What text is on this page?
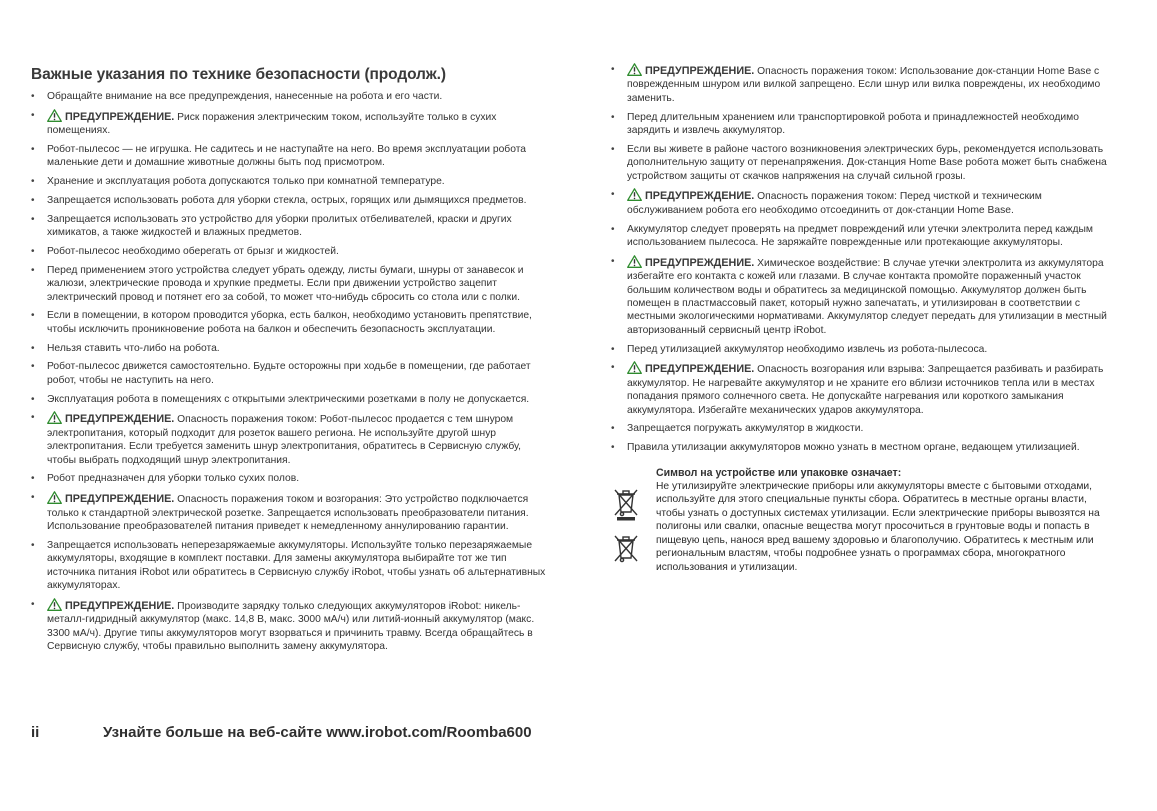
Важные указания по технике безопасности (продолж.)
• Обращайте внимание на все предупреждения, нанесенные на робота и его части.
•	ПРЕДУПРЕЖДЕНИЕ. Риск поражения электрическим током, используйте только в сухих помещениях.
• Робот-пылесос — не игрушка. Не садитесь и не наступайте на него. Во время эксплуатации робота маленькие дети и домашние животные должны быть под присмотром.
• Хранение и эксплуатация робота допускаются только при комнатной температуре.
• Запрещается использовать робота для уборки стекла, острых, горящих или дымящихся предметов.
• Запрещается использовать это устройство для уборки пролитых отбеливателей, краски и других химикатов, а также жидкостей и влажных предметов.
• Робот-пылесос необходимо оберегать от брызг и жидкостей.
• Перед применением этого устройства следует убрать одежду, листы бумаги, шнуры от занавесок и жалюзи, электрические провода и хрупкие предметы. Если при движении устройство зацепит электрический провод и потянет его за собой, то может что-нибудь сбросить со стола или с полки.
• Если в помещении, в котором проводится уборка, есть балкон, необходимо установить препятствие, чтобы исключить проникновение робота на балкон и обеспечить безопасность эксплуатации.
• Нельзя ставить что-либо на робота.
• Робот-пылесос движется самостоятельно. Будьте осторожны при ходьбе в помещении, где работает робот, чтобы не наступить на него.
• Эксплуатация робота в помещениях с открытыми электрическими розетками в полу не допускается.
•	ПРЕДУПРЕЖДЕНИЕ. Опасность поражения током: Робот-пылесос продается с тем шнуром электропитания, который подходит для розеток вашего региона. Не используйте другой шнур электропитания. Если требуется заменить шнур электропитания, обратитесь в Сервисную службу, чтобы выбрать подходящий шнур электропитания.
• Робот предназначен для уборки только сухих полов.
•	ПРЕДУПРЕЖДЕНИЕ. Опасность поражения током и возгорания: Это устройство подключается только к стандартной электрической розетке. Запрещается использовать преобразователи питания. Использование преобразователей питания приведет к немедленному аннулированию гарантии.
• Запрещается использовать неперезаряжаемые аккумуляторы. Используйте только перезаряжаемые аккумуляторы, входящие в комплект поставки. Для замены аккумулятора выбирайте тот же тип источника питания iRobot или обратитесь в Сервисную службу iRobot, чтобы узнать об альтернативных аккумуляторах.
•	ПРЕДУПРЕЖДЕНИЕ. Производите зарядку только следующих аккумуляторов iRobot: никель-металл-гидридный аккумулятор (макс. 14,8 В, макс. 3000 мА/ч) или литий-ионный аккумулятор (макс. 3300 мА/ч). Другие типы аккумуляторов могут взорваться и причинить травму. Всегда обращайтесь в Сервисную службу, чтобы правильно выполнить замену аккумулятора.
•	ПРЕДУПРЕЖДЕНИЕ. Опасность поражения током: Использование док-станции Home Base с поврежденным шнуром или вилкой запрещено. Если шнур или вилка повреждены, их необходимо заменить.
• Перед длительным хранением или транспортировкой робота и принадлежностей необходимо зарядить и извлечь аккумулятор.
• Если вы живете в районе частого возникновения электрических бурь, рекомендуется использовать дополнительную защиту от перенапряжения. Док-станция Home Base робота может быть снабжена устройством защиты от скачков напряжения на случай сильной грозы.
•	ПРЕДУПРЕЖДЕНИЕ. Опасность поражения током: Перед чисткой и техническим обслуживанием робота его необходимо отсоединить от док-станции Home Base.
• Аккумулятор следует проверять на предмет повреждений или утечки электролита перед каждым использованием пылесоса. Не заряжайте поврежденные или протекающие аккумуляторы.
•	ПРЕДУПРЕЖДЕНИЕ. Химическое воздействие: В случае утечки электролита из аккумулятора избегайте его контакта с кожей или глазами. В случае контакта промойте пораженный участок большим количеством воды и обратитесь за медицинской помощью. Аккумулятор должен быть помещен в пластмассовый пакет, который нужно запечатать, и утилизирован в соответствии с местными экологическими нормативами. Аккумулятор следует передать для утилизации в местный авторизованный сервисный центр iRobot.
• Перед утилизацией аккумулятор необходимо извлечь из робота-пылесоса.
•	ПРЕДУПРЕЖДЕНИЕ. Опасность возгорания или взрыва: Запрещается разбивать и разбирать аккумулятор. Не нагревайте аккумулятор и не храните его вблизи источников тепла или в местах попадания прямого солнечного света. Не допускайте нагревания или короткого замыкания аккумулятора. Избегайте механических ударов аккумулятора.
• Запрещается погружать аккумулятор в жидкости.
• Правила утилизации аккумуляторов можно узнать в местном органе, ведающем утилизацией.
Символ на устройстве или упаковке означает:
Не утилизируйте электрические приборы или аккумуляторы вместе с бытовыми отходами, используйте для этого специальные пункты сбора. Обратитесь в местные органы власти, чтобы узнать о доступных системах утилизации. Если электрические приборы вывозятся на полигоны или свалки, опасные вещества могут просочиться в грунтовые воды и попасть в пищевую цепь, нанося вред вашему здоровью и благополучию. Обратитесь к местным или региональным властям, чтобы подробнее узнать о программах сбора, многократного использования и утилизации.
ii	Узнайте больше на веб-сайте www.irobot.com/Roomba600
